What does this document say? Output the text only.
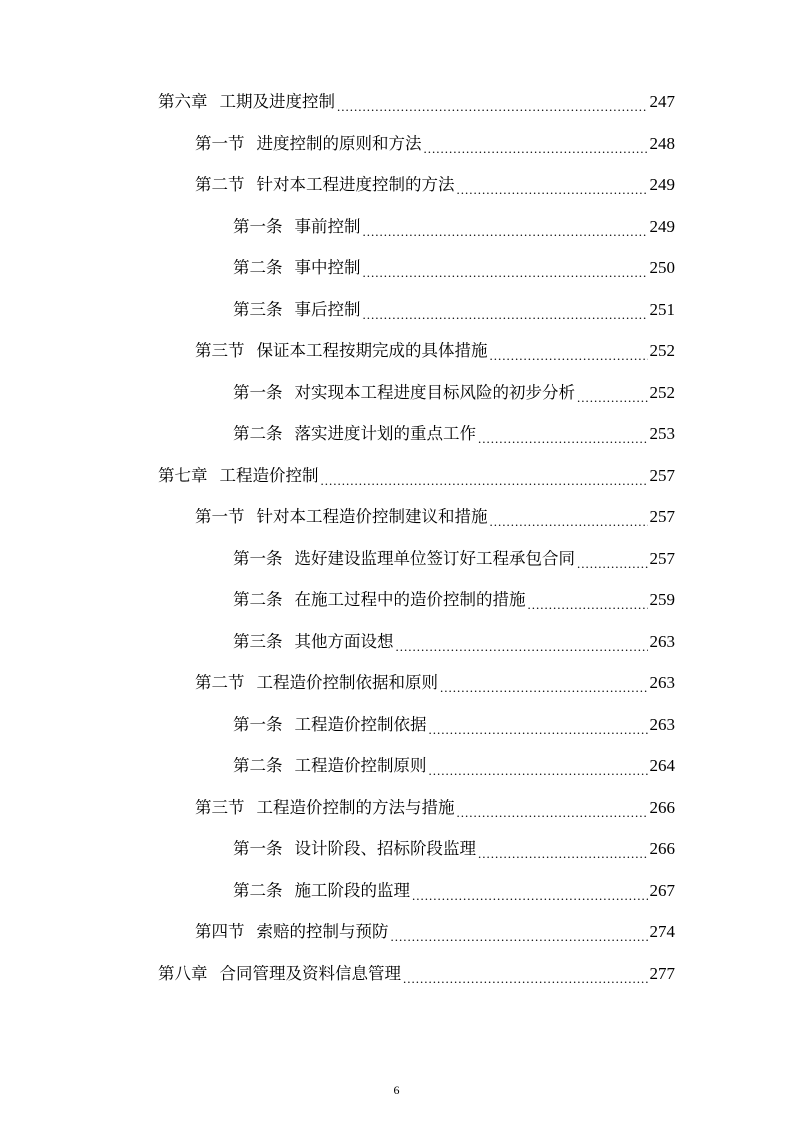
第六章 工期及进度控制 .....	247
第一节 进度控制的原则和方法 .....	248
第二节 针对本工程进度控制的方法 .....	249
第一条 事前控制 .....	249
第二条 事中控制 .....	250
第三条 事后控制 .....	251
第三节 保证本工程按期完成的具体措施 .....	252
第一条 对实现本工程进度目标风险的初步分析 .....	252
第二条 落实进度计划的重点工作 .....	253
第七章 工程造价控制 .....	257
第一节 针对本工程造价控制建议和措施 .....	257
第一条 选好建设监理单位签订好工程承包合同 .....	257
第二条 在施工过程中的造价控制的措施 .....	259
第三条 其他方面设想 .....	263
第二节 工程造价控制依据和原则 .....	263
第一条 工程造价控制依据 .....	263
第二条 工程造价控制原则 .....	264
第三节 工程造价控制的方法与措施 .....	266
第一条 设计阶段、招标阶段监理 .....	266
第二条 施工阶段的监理 .....	267
第四节 索赔的控制与预防 .....	274
第八章 合同管理及资料信息管理 .....	277
6
